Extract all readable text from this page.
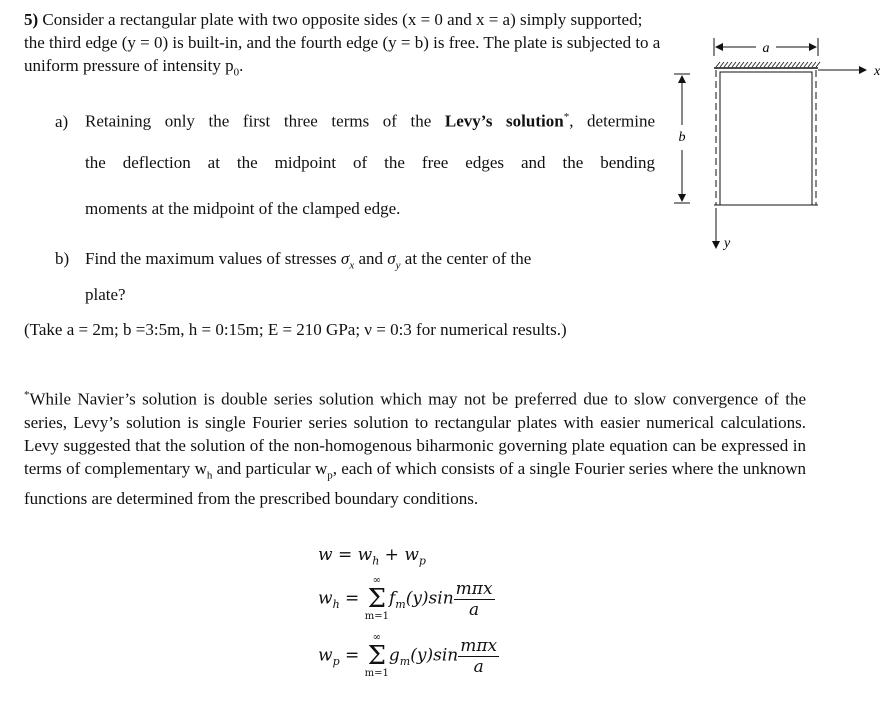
5) Consider a rectangular plate with two opposite sides (x = 0 and x = a) simply supported; the third edge (y = 0) is built-in, and the fourth edge (y = b) is free. The plate is subjected to a uniform pressure of intensity $p_0$.
a) Retaining only the first three terms of the Levy’s solution*, determine
the deflection at the midpoint of the free edges and the bending
moments at the midpoint of the clamped edge.
b) Find the maximum values of stresses $\sigma_x$ and $\sigma_y$ at the center of the
plate?
(Take a = 2m; b =3:5m, h = 0:15m; E = 210 GPa; ν = 0:3 for numerical results.)
*While Navier’s solution is double series solution which may not be preferred due to slow convergence of the series, Levy’s solution is single Fourier series solution to rectangular plates with easier numerical calculations. Levy suggested that the solution of the non-homogenous biharmonic governing plate equation can be expressed in terms of complementary $w_h$ and particular $w_p$, each of which consists of a single Fourier series where the unknown functions are determined from the prescribed boundary conditions.
$w = w_h + w_p$
$w_h$ =
∞
Σ
m=1
$f_m(y)\sin \frac{\text{mπx}}{a}$
$w_p$ =
∞
Σ
m=1
$g_m(y)\sin \frac{\text{mπx}}{a}$
a
x
b
y
